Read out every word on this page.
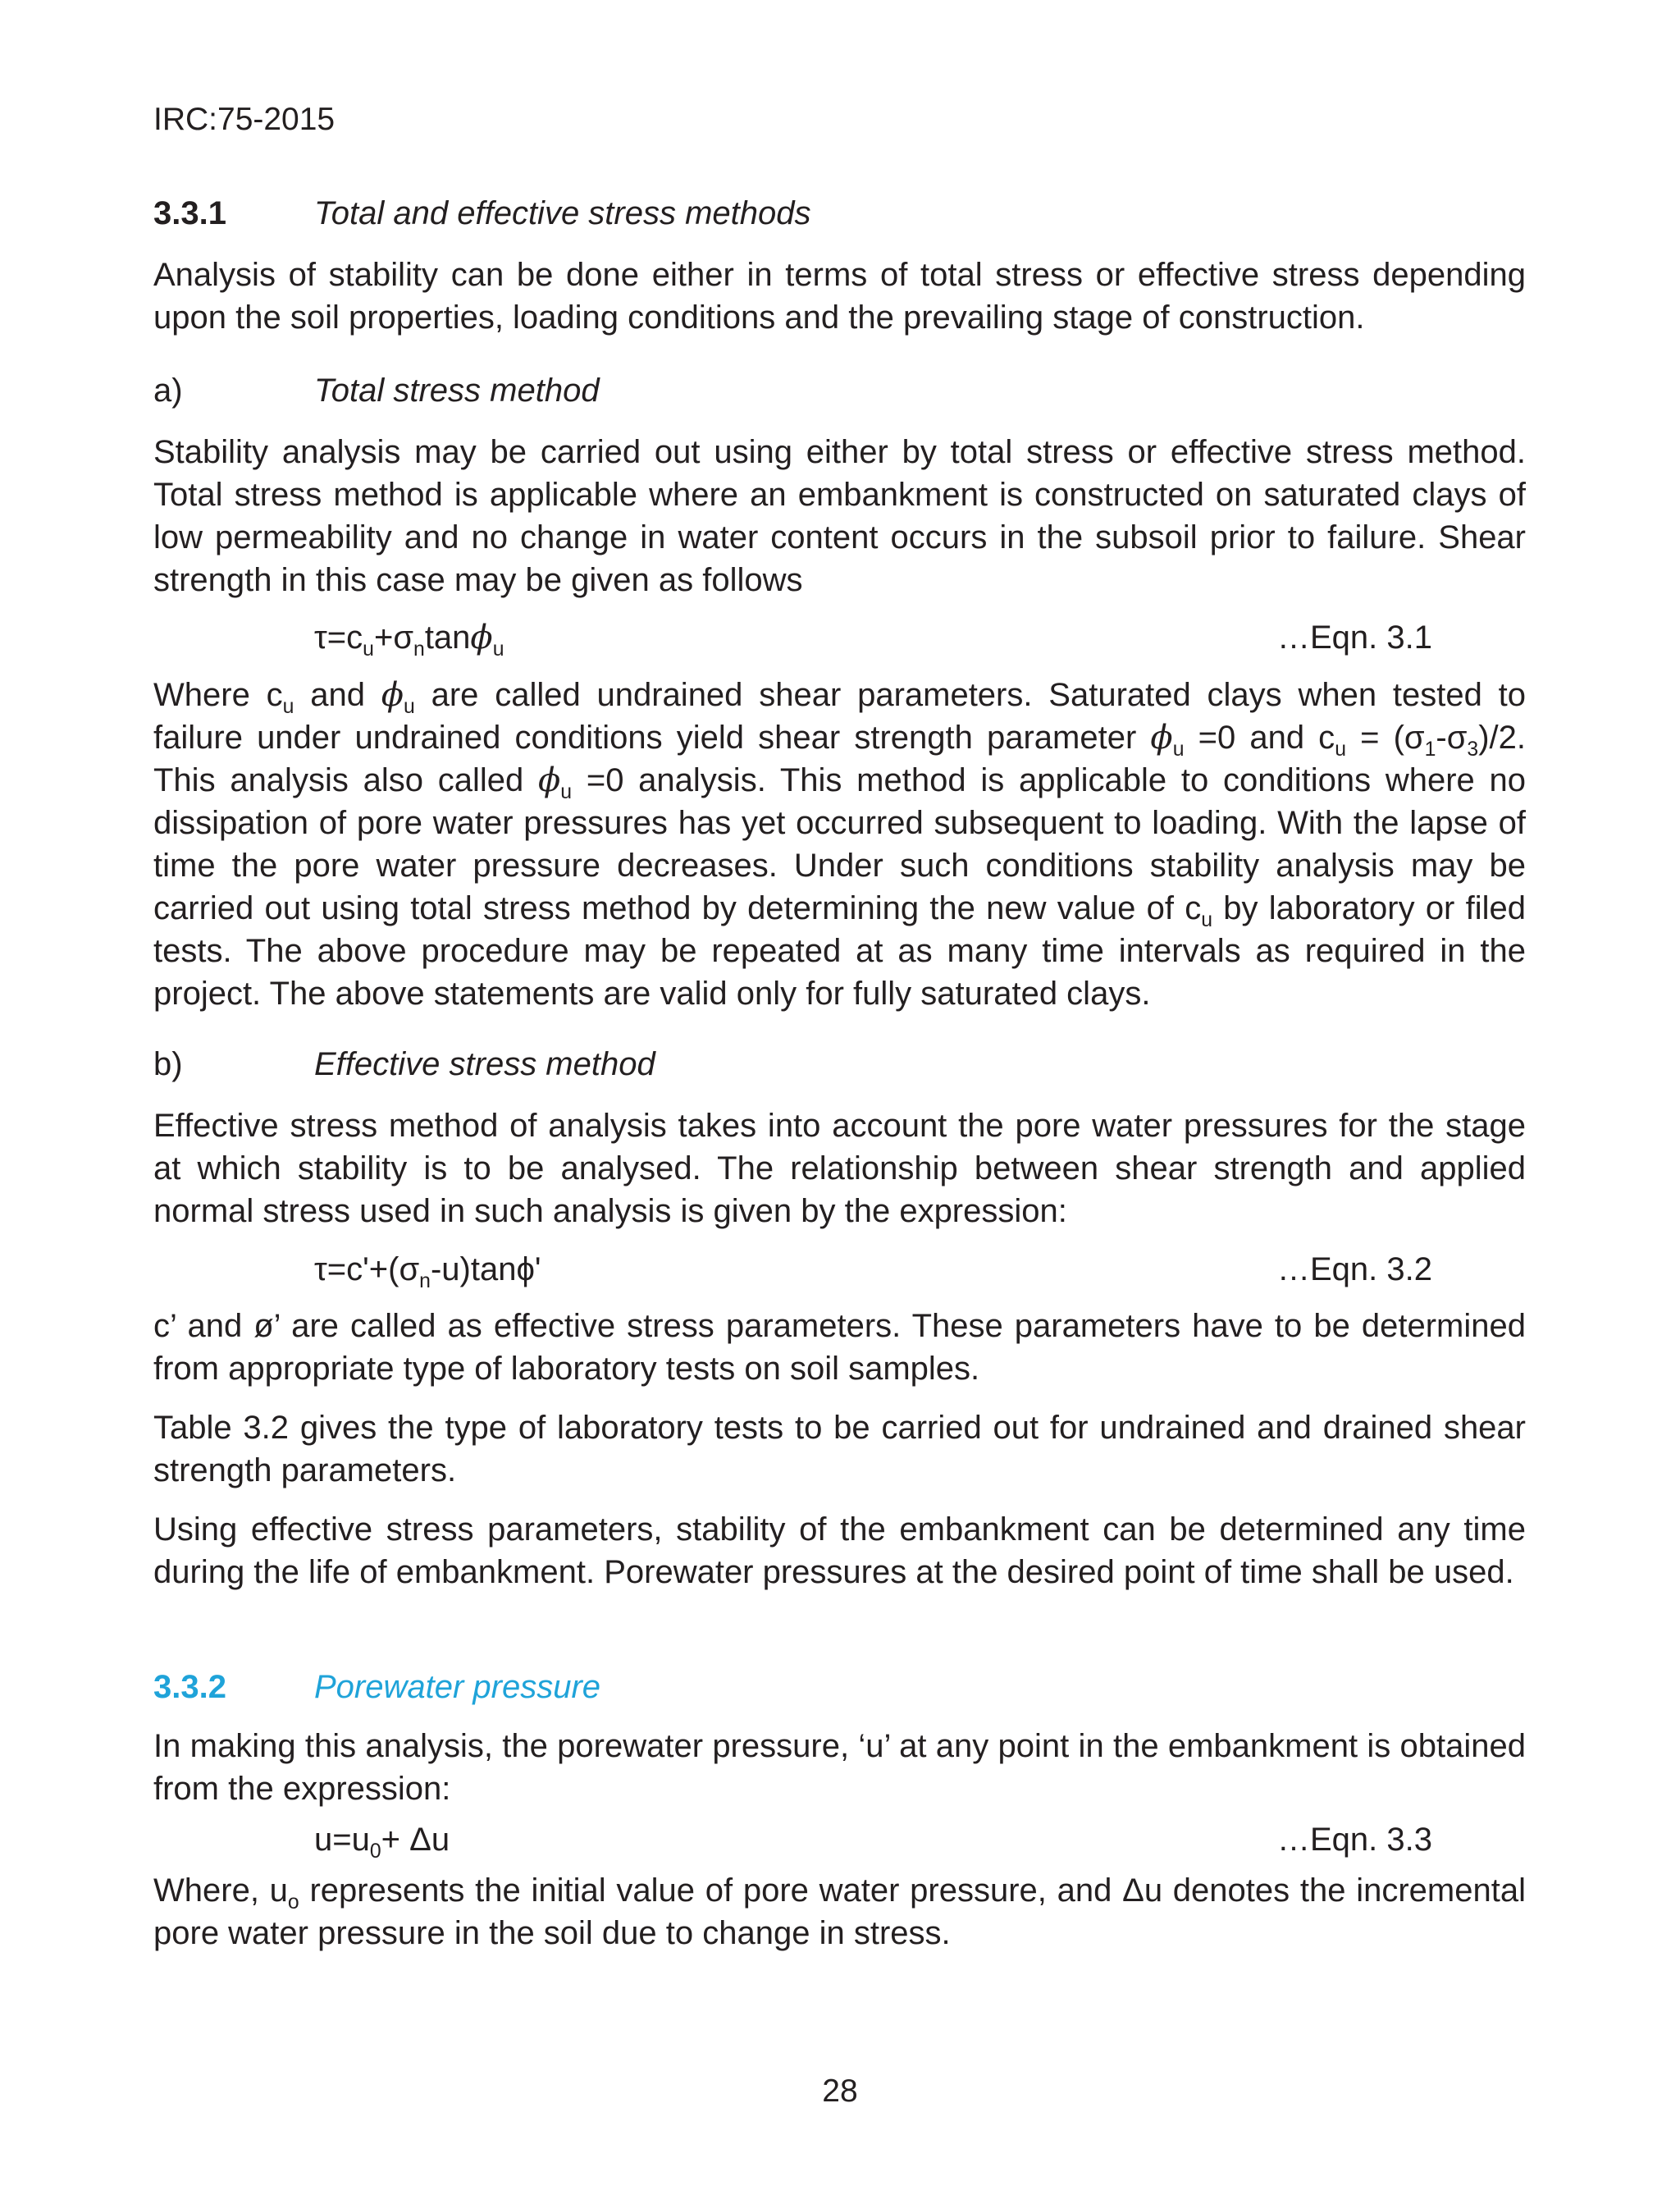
IRC:75-2015
3.3.1	Total and effective stress methods
Analysis of stability can be done either in terms of total stress or effective stress depending upon the soil properties, loading conditions and the prevailing stage of construction.
a)	Total stress method
Stability analysis may be carried out using either by total stress or effective stress method. Total stress method is applicable where an embankment is constructed on saturated clays of low permeability and no change in water content occurs in the subsoil prior to failure. Shear strength in this case may be given as follows
$\tau=c_u+\sigma_n\tan\phi_u$	…Eqn. 3.1
Where $c_u$ and $\phi_u$ are called undrained shear parameters. Saturated clays when tested to failure under undrained conditions yield shear strength parameter $\phi_u =0$ and $c_u = (\sigma_1-\sigma_3)/2$. This analysis also called $\phi_u =0$ analysis. This method is applicable to conditions where no dissipation of pore water pressures has yet occurred subsequent to loading. With the lapse of time the pore water pressure decreases. Under such conditions stability analysis may be carried out using total stress method by determining the new value of $c_u$ by laboratory or filed tests. The above procedure may be repeated at as many time intervals as required in the project. The above statements are valid only for fully saturated clays.
b)	Effective stress method
Effective stress method of analysis takes into account the pore water pressures for the stage at which stability is to be analysed. The relationship between shear strength and applied normal stress used in such analysis is given by the expression:
$\tau=c'+(\sigma_n-u)\tan\phi'$	…Eqn. 3.2
c’ and ø’ are called as effective stress parameters. These parameters have to be determined from appropriate type of laboratory tests on soil samples.
Table 3.2 gives the type of laboratory tests to be carried out for undrained and drained shear strength parameters.
Using effective stress parameters, stability of the embankment can be determined any time during the life of embankment. Porewater pressures at the desired point of time shall be used.
3.3.2	Porewater pressure
In making this analysis, the porewater pressure, ‘u’ at any point in the embankment is obtained from the expression:
$u=u_0+ \Delta u$	…Eqn. 3.3
Where, $u_o$ represents the initial value of pore water pressure, and Δu denotes the incremental pore water pressure in the soil due to change in stress.
28
